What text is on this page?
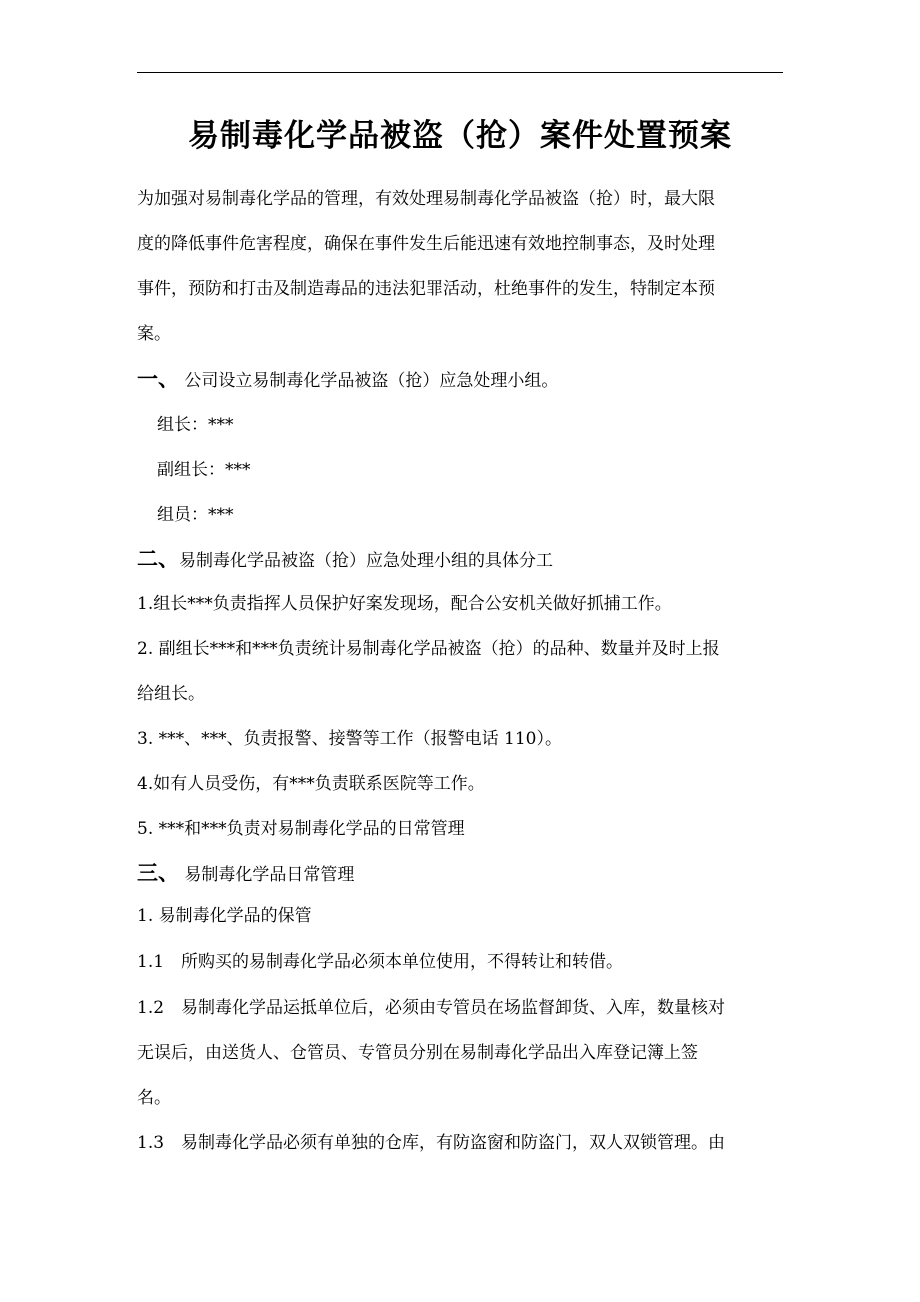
易制毒化学品被盗（抢）案件处置预案

为加强对易制毒化学品的管理，有效处理易制毒化学品被盗（抢）时，最大限

度的降低事件危害程度，确保在事件发生后能迅速有效地控制事态，及时处理

事件，预防和打击及制造毒品的违法犯罪活动，杜绝事件的发生，特制定本预

案。

一、 公司设立易制毒化学品被盗（抢）应急处理小组。

组长：***

副组长：***

组员：***

二、易制毒化学品被盗（抢）应急处理小组的具体分工

1.组长***负责指挥人员保护好案发现场，配合公安机关做好抓捕工作。

2. 副组长***和***负责统计易制毒化学品被盗（抢）的品种、数量并及时上报

给组长。

3. ***、***、负责报警、接警等工作（报警电话 110）。

4.如有人员受伤，有***负责联系医院等工作。

5. ***和***负责对易制毒化学品的日常管理

三、 易制毒化学品日常管理

1. 易制毒化学品的保管

1.1　所购买的易制毒化学品必须本单位使用，不得转让和转借。

1.2　易制毒化学品运抵单位后，必须由专管员在场监督卸货、入库，数量核对

无误后，由送货人、仓管员、专管员分别在易制毒化学品出入库登记簿上签

名。

1.3　易制毒化学品必须有单独的仓库，有防盗窗和防盗门，双人双锁管理。由
